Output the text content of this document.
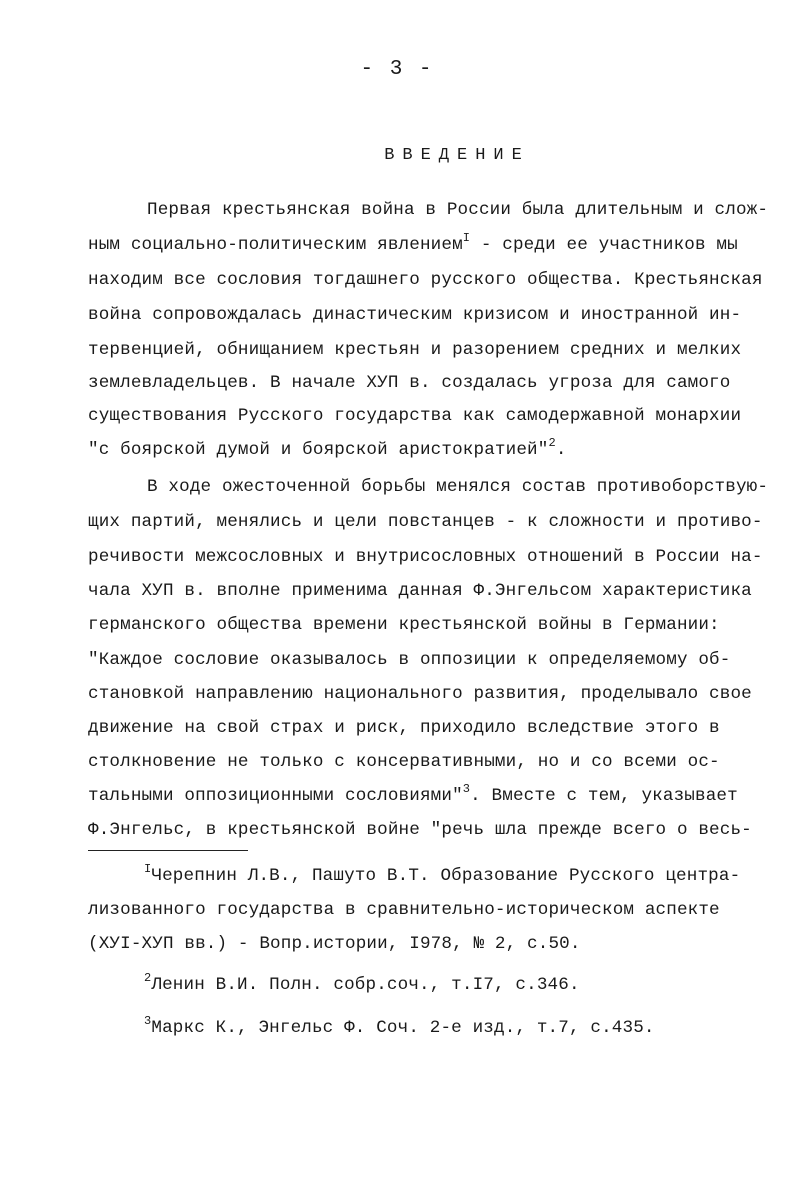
- 3 -
ВВЕДЕНИЕ
Первая крестьянская война в России была длительным и слож-
ным социально-политическим явлением$^I$ - среди ее участников мы
находим все сословия тогдашнего русского общества. Крестьянская
война сопровождалась династическим кризисом и иностранной ин-
тервенцией, обнищанием крестьян и разорением средних и мелких
землевладельцев. В начале ХУП в. создалась угроза для самого
существования Русского государства как самодержавной монархии
"с боярской думой и боярской аристократией"$^2$.
В ходе ожесточенной борьбы менялся состав противоборствую-
щих партий, менялись и цели повстанцев - к сложности и противо-
речивости межсословных и внутрисословных отношений в России на-
чала ХУП в. вполне применима данная Ф.Энгельсом характеристика
германского общества времени крестьянской войны в Германии:
"Каждое сословие оказывалось в оппозиции к определяемому об-
становкой направлению национального развития, проделывало свое
движение на свой страх и риск, приходило вследствие этого в
столкновение не только с консервативными, но и со всеми ос-
тальными оппозиционными сословиями"$^3$. Вместе с тем, указывает
Ф.Энгельс, в крестьянской войне "речь шла прежде всего о весь-
$^I$Черепнин Л.В., Пашуто В.Т. Образование Русского центра-
лизованного государства в сравнительно-историческом аспекте
(ХУI-ХУП вв.) - Вопр.истории, I978, № 2, с.50.
$^2$Ленин В.И. Полн. собр.соч., т.I7, с.346.
$^3$Маркс К., Энгельс Ф. Соч. 2-е изд., т.7, с.435.
